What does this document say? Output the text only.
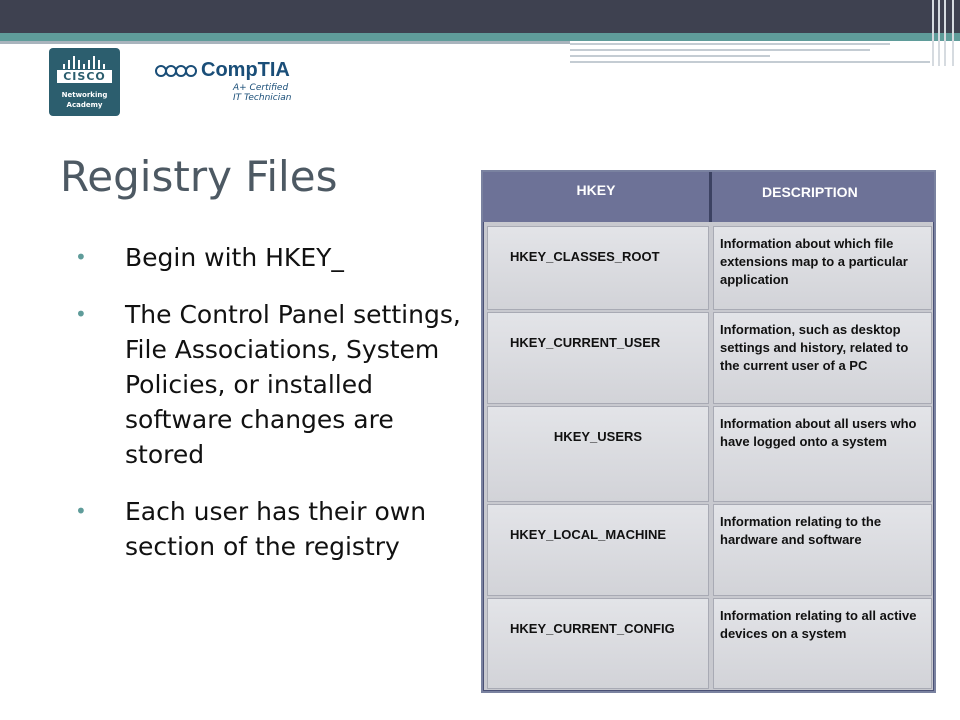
CISCO
Networking
Academy
CompTIA
A+ Certified
IT Technician
Registry Files
• Begin with HKEY_
• The Control Panel settings, File Associations, System Policies, or installed software changes are stored
• Each user has their own section of the registry
HKEY	DESCRIPTION
HKEY_CLASSES_ROOT
Information about which file extensions map to a particular application
HKEY_CURRENT_USER
Information, such as desktop settings and history, related to the current user of a PC
HKEY_USERS
Information about all users who have logged onto a system
HKEY_LOCAL_MACHINE
Information relating to the hardware and software
HKEY_CURRENT_CONFIG
Information relating to all active devices on a system
